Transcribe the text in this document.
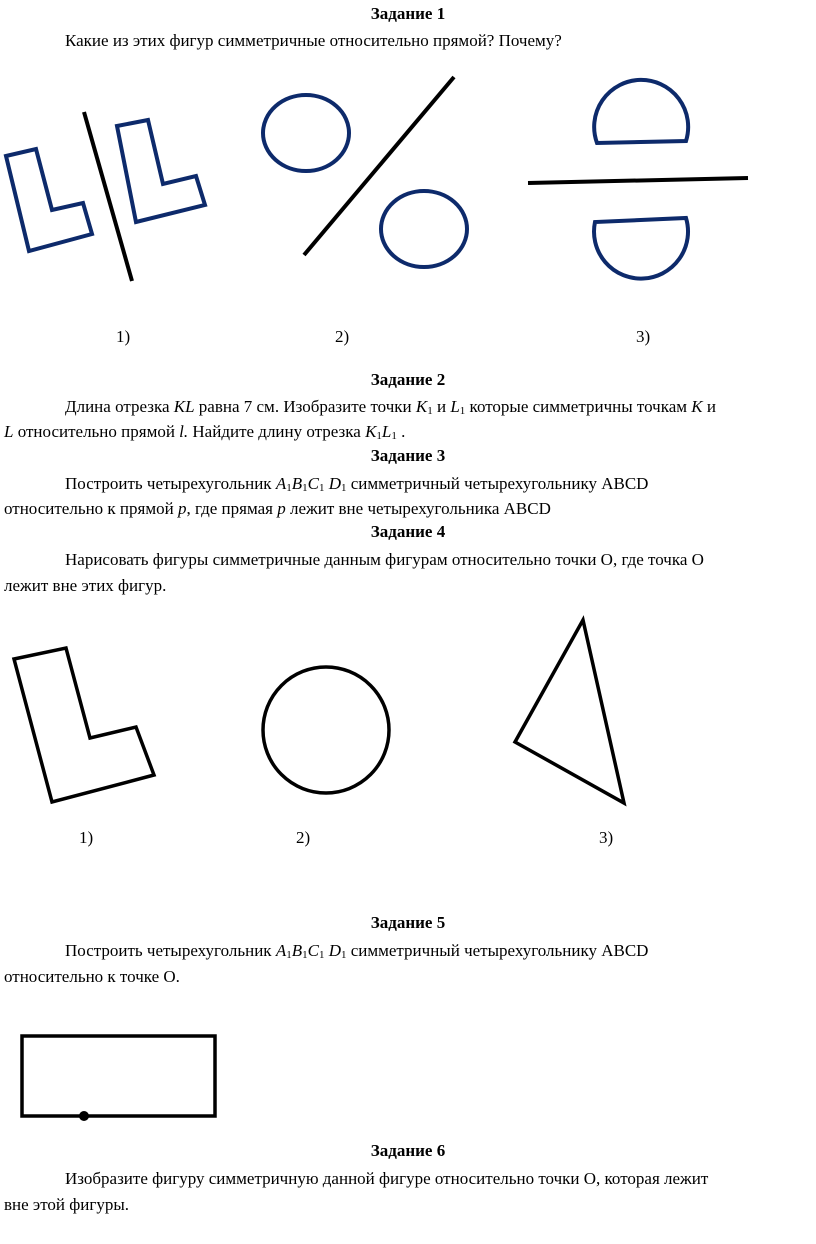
Задание 1
Какие из этих фигур симметричные относительно прямой? Почему?
1)	2)	3)
Задание 2
Длина отрезка KL равна 7 см. Изобразите точки $K_1$ и $L_1$ которые симметричны точкам K и
L относительно прямой l. Найдите длину отрезка $K_1L_1$ .
Задание 3
Построить четырехугольник $A_1B_1C_1$ $D_1$ симметричный четырехугольнику ABCD
относительно к прямой p, где прямая p лежит вне четырехугольника ABCD
Задание 4
Нарисовать фигуры симметричные данным фигурам относительно точки О, где точка О
лежит вне этих фигур.
1)	2)	3)
Задание 5
Построить четырехугольник $A_1B_1C_1$ $D_1$ симметричный четырехугольнику ABCD
относительно к точке О.
Задание 6
Изобразите фигуру симметричную данной фигуре относительно точки О, которая лежит
вне этой фигуры.
